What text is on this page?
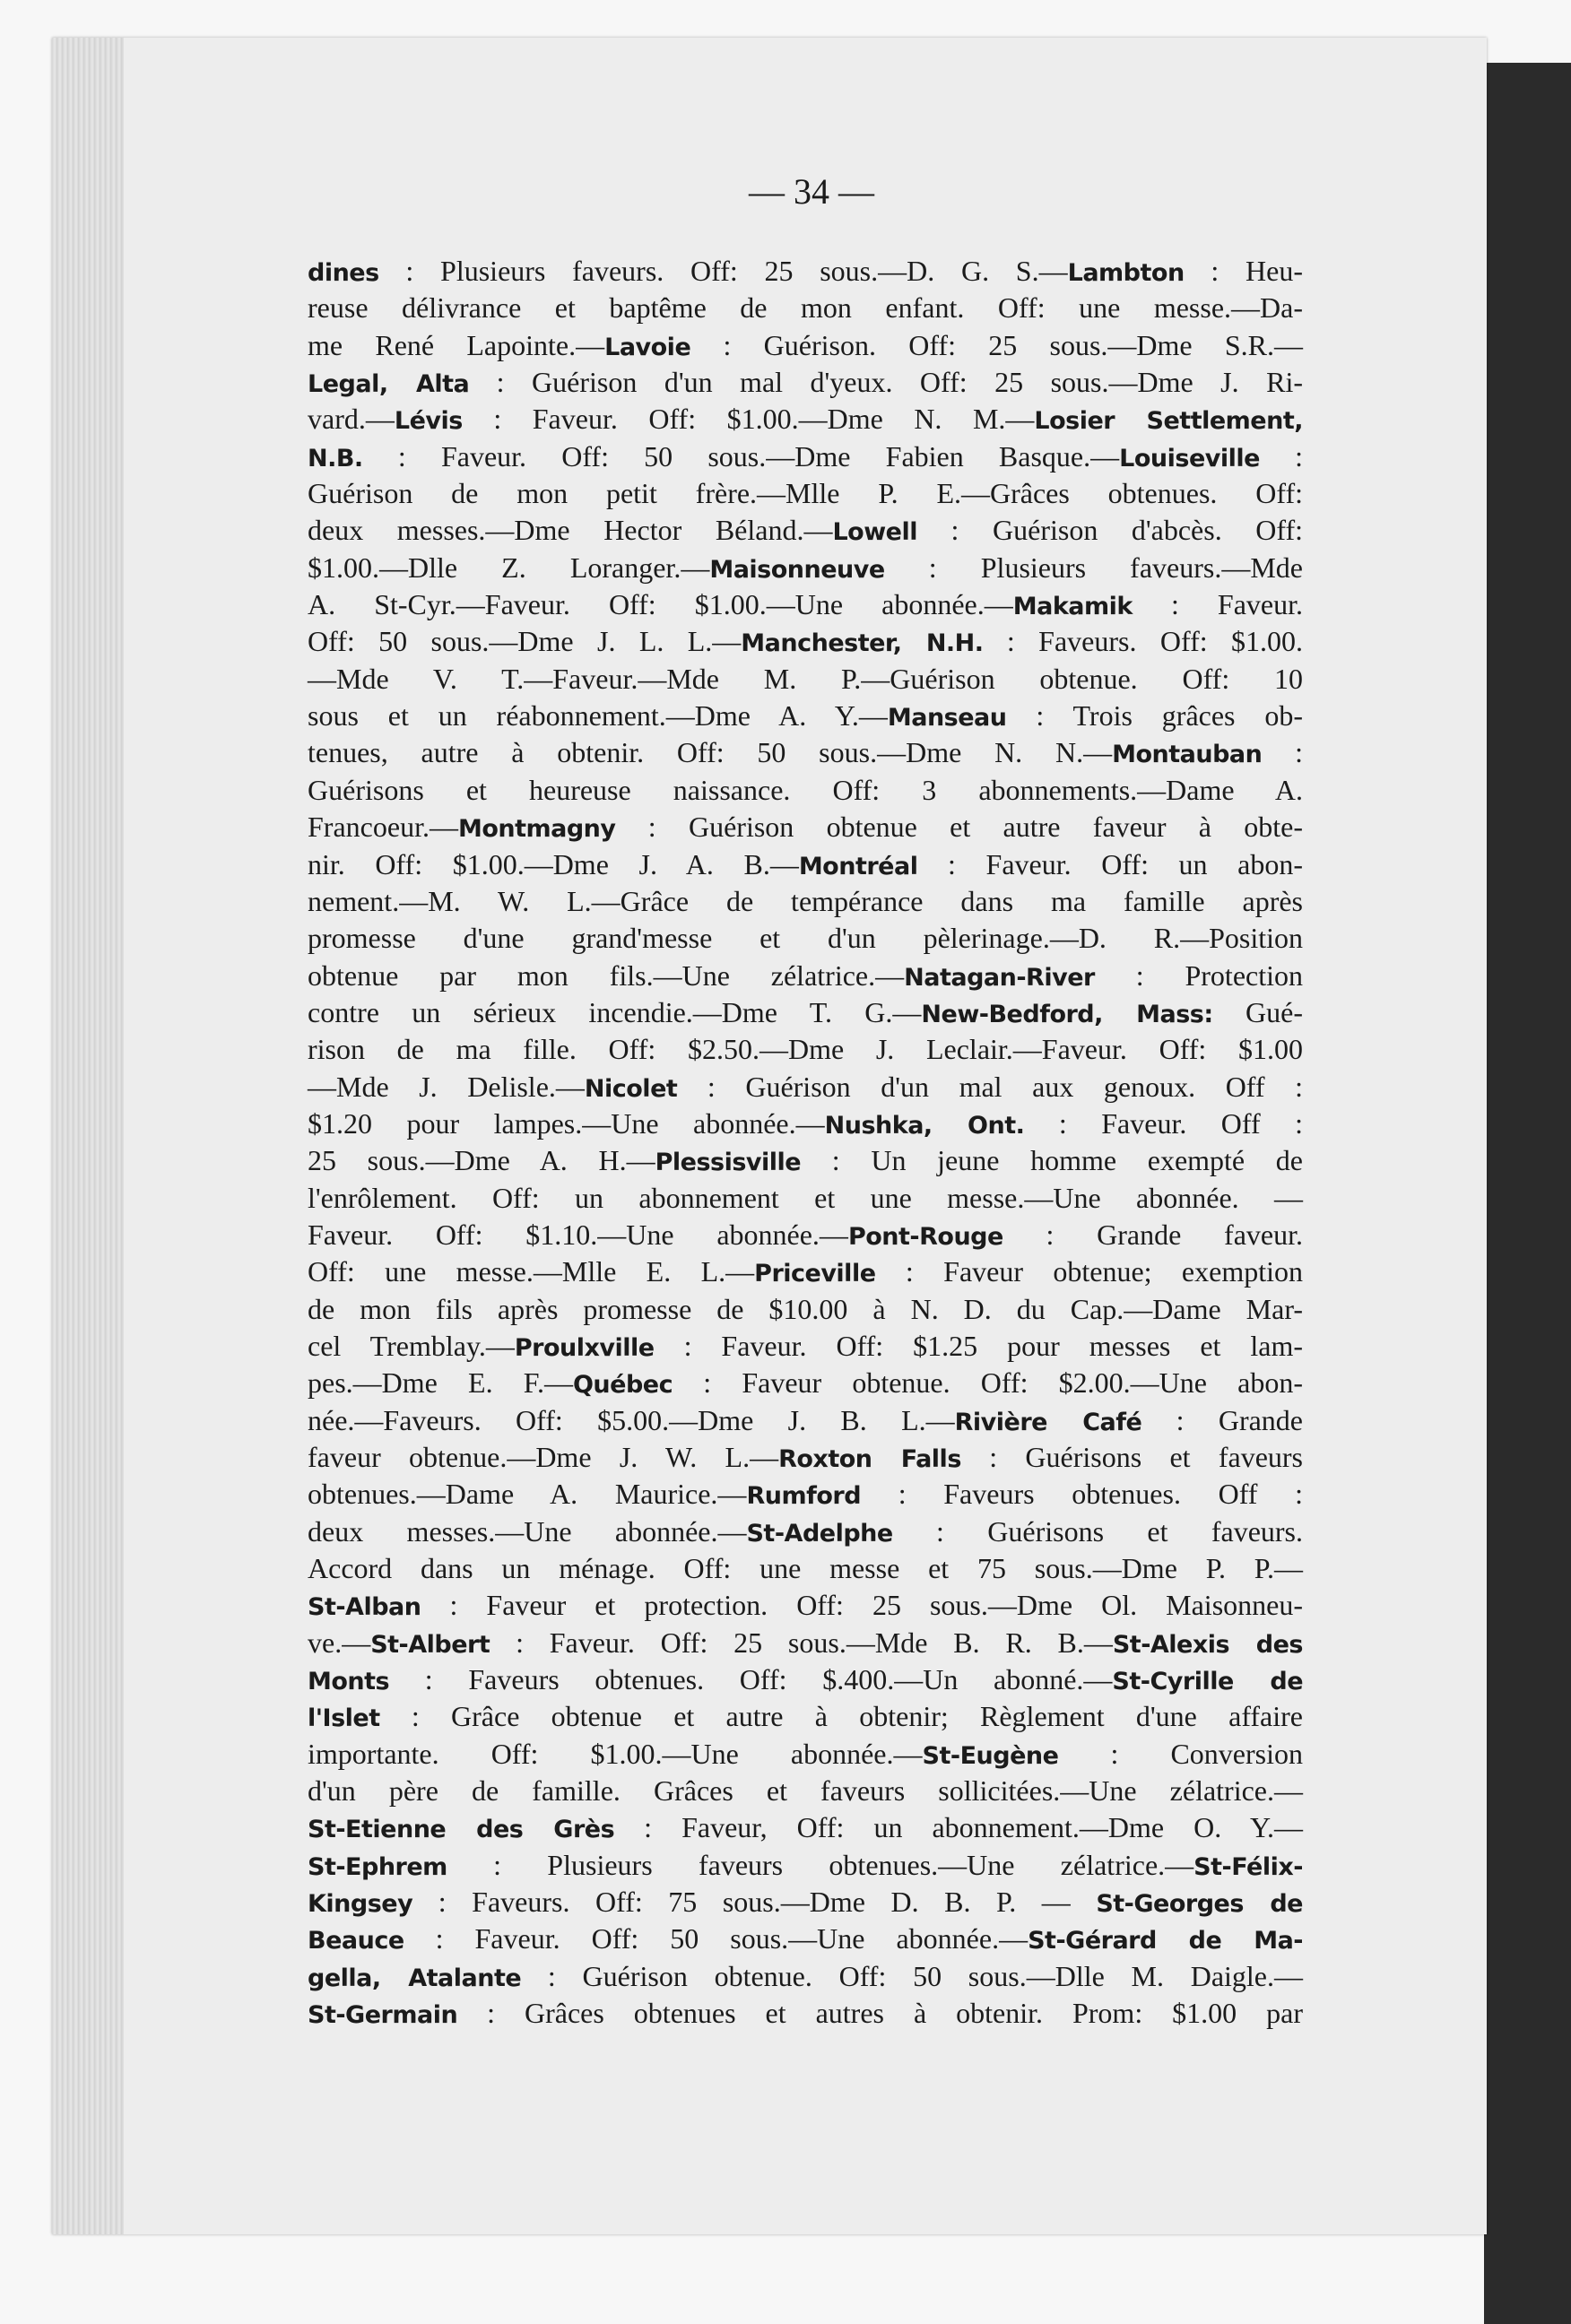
— 34 —
dines : Plusieurs faveurs. Off: 25 sous.—D. G. S.—Lambton : Heu-
reuse délivrance et baptême de mon enfant. Off: une messe.—Da-
me René Lapointe.—Lavoie : Guérison. Off: 25 sous.—Dme S.R.—
Legal, Alta : Guérison d'un mal d'yeux. Off: 25 sous.—Dme J. Ri-
vard.—Lévis : Faveur. Off: $1.00.—Dme N. M.—Losier Settlement,
N.B. : Faveur. Off: 50 sous.—Dme Fabien Basque.—Louiseville :
Guérison de mon petit frère.—Mlle P. E.—Grâces obtenues. Off:
deux messes.—Dme Hector Béland.—Lowell : Guérison d'abcès. Off:
$1.00.—Dlle Z. Loranger.—Maisonneuve : Plusieurs faveurs.—Mde
A. St-Cyr.—Faveur. Off: $1.00.—Une abonnée.—Makamik : Faveur.
Off: 50 sous.—Dme J. L. L.—Manchester, N.H. : Faveurs. Off: $1.00.
—Mde V. T.—Faveur.—Mde M. P.—Guérison obtenue. Off: 10
sous et un réabonnement.—Dme A. Y.—Manseau : Trois grâces ob-
tenues, autre à obtenir. Off: 50 sous.—Dme N. N.—Montauban :
Guérisons et heureuse naissance. Off: 3 abonnements.—Dame A.
Francoeur.—Montmagny : Guérison obtenue et autre faveur à obte-
nir. Off: $1.00.—Dme J. A. B.—Montréal : Faveur. Off: un abon-
nement.—M. W. L.—Grâce de tempérance dans ma famille après
promesse d'une grand'messe et d'un pèlerinage.—D. R.—Position
obtenue par mon fils.—Une zélatrice.—Natagan-River : Protection
contre un sérieux incendie.—Dme T. G.—New-Bedford, Mass: Gué-
rison de ma fille. Off: $2.50.—Dme J. Leclair.—Faveur. Off: $1.00
—Mde J. Delisle.—Nicolet : Guérison d'un mal aux genoux. Off :
$1.20 pour lampes.—Une abonnée.—Nushka, Ont. : Faveur. Off :
25 sous.—Dme A. H.—Plessisville : Un jeune homme exempté de
l'enrôlement. Off: un abonnement et une messe.—Une abonnée. —
Faveur. Off: $1.10.—Une abonnée.—Pont-Rouge : Grande faveur.
Off: une messe.—Mlle E. L.—Priceville : Faveur obtenue; exemption
de mon fils après promesse de $10.00 à N. D. du Cap.—Dame Mar-
cel Tremblay.—Proulxville : Faveur. Off: $1.25 pour messes et lam-
pes.—Dme E. F.—Québec : Faveur obtenue. Off: $2.00.—Une abon-
née.—Faveurs. Off: $5.00.—Dme J. B. L.—Rivière Café : Grande
faveur obtenue.—Dme J. W. L.—Roxton Falls : Guérisons et faveurs
obtenues.—Dame A. Maurice.—Rumford : Faveurs obtenues. Off :
deux messes.—Une abonnée.—St-Adelphe : Guérisons et faveurs.
Accord dans un ménage. Off: une messe et 75 sous.—Dme P. P.—
St-Alban : Faveur et protection. Off: 25 sous.—Dme Ol. Maisonneu-
ve.—St-Albert : Faveur. Off: 25 sous.—Mde B. R. B.—St-Alexis des
Monts : Faveurs obtenues. Off: $.400.—Un abonné.—St-Cyrille de
l'Islet : Grâce obtenue et autre à obtenir; Règlement d'une affaire
importante. Off: $1.00.—Une abonnée.—St-Eugène : Conversion
d'un père de famille. Grâces et faveurs sollicitées.—Une zélatrice.—
St-Etienne des Grès : Faveur, Off: un abonnement.—Dme O. Y.—
St-Ephrem : Plusieurs faveurs obtenues.—Une zélatrice.—St-Félix-
Kingsey : Faveurs. Off: 75 sous.—Dme D. B. P. — St-Georges de
Beauce : Faveur. Off: 50 sous.—Une abonnée.—St-Gérard de Ma-
gella, Atalante : Guérison obtenue. Off: 50 sous.—Dlle M. Daigle.—
St-Germain : Grâces obtenues et autres à obtenir. Prom: $1.00 par
